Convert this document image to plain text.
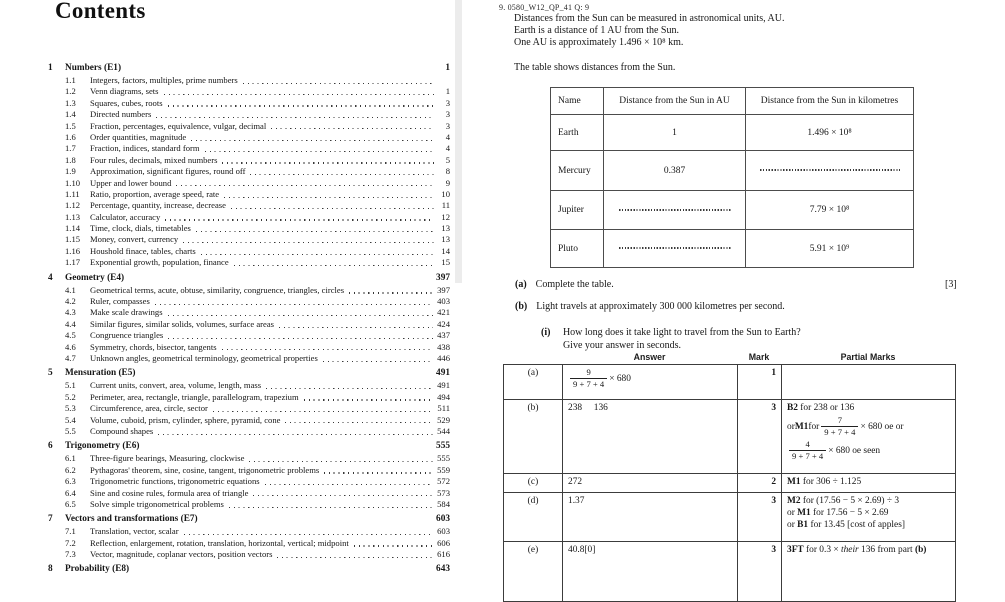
Contents
1	Numbers (E1)	1
1.1	Integers, factors, multiples, prime numbers
1.2	Venn diagrams, sets	1
1.3	Squares, cubes, roots	3
1.4	Directed numbers	3
1.5	Fraction, percentages, equivalence, vulgar, decimal	3
1.6	Order quantities, magnitude	4
1.7	Fraction, indices, standard form	4
1.8	Four rules, decimals, mixed numbers	5
1.9	Approximation, significant figures, round off	8
1.10	Upper and lower bound	9
1.11	Ratio, proportion, average speed, rate	10
1.12	Percentage, quantity, increase, decrease	11
1.13	Calculator, accuracy	12
1.14	Time, clock, dials, timetables	13
1.15	Money, convert, currency	13
1.16	Houshold finace, tables, charts	14
1.17	Exponential growth, population, finance	15
4	Geometry (E4)	397
4.1	Geometrical terms, acute, obtuse, similarity, congruence, triangles, circles	397
4.2	Ruler, compasses	403
4.3	Make scale drawings	421
4.4	Similar figures, similar solids, volumes, surface areas	424
4.5	Congruence triangles	437
4.6	Symmetry, chords, bisector, tangents	438
4.7	Unknown angles, geometrical terminology, geometrical properties	446
5	Mensuration (E5)	491
5.1	Current units, convert, area, volume, length, mass	491
5.2	Perimeter, area, rectangle, triangle, parallelogram, trapezium	494
5.3	Circumference, area, circle, sector	511
5.4	Volume, cuboid, prism, cylinder, sphere, pyramid, cone	529
5.5	Compound shapes	544
6	Trigonometry (E6)	555
6.1	Three-figure bearings, Measuring, clockwise	555
6.2	Pythagoras' theorem, sine, cosine, tangent, trigonometric problems	559
6.3	Trigonometric functions, trigonometric equations	572
6.4	Sine and cosine rules, formula area of triangle	573
6.5	Solve simple trigonometrical problems	584
7	Vectors and transformations (E7)	603
7.1	Translation, vector, scalar	603
7.2	Reflection, enlargement, rotation, translation, horizontal, vertical; midpoint	606
7.3	Vector, magnitude, coplanar vectors, position vectors	616
8	Probability (E8)	643
9. 0580_W12_QP_41 Q: 9
Distances from the Sun can be measured in astronomical units, AU.
Earth is a distance of 1 AU from the Sun.
One AU is approximately 1.496 × 10⁸ km.
The table shows distances from the Sun.
Name	Distance from the Sun in AU	Distance from the Sun in kilometres
Earth	1	1.496 × 10⁸
Mercury	0.387	
Jupiter		7.79 × 10⁸
Pluto		5.91 × 10⁹
(a) Complete the table.	[3]
(b) Light travels at approximately 300 000 kilometres per second.
(i) How long does it take light to travel from the Sun to Earth?
Give your answer in seconds.
Answer	Mark	Partial Marks
(a)	$\frac{9}{9 + 7 + 4} \times 680$	1	
(b)	238     136	3	B2 for 238 or 136
or M1 for $\frac{7}{9 + 7 + 4} \times 680$ oe or
$\frac{4}{9 + 7 + 4} \times 680$ oe seen

(c)	272	2	M1 for 306 ÷ 1.125

(d)	1.37	3	M2 for (17.56 − 5 × 2.69) ÷ 3
or M1 for 17.56 − 5 × 2.69
or B1 for 13.45 [cost of apples]

(e)	40.8[0]	3	3FT for 0.3 × their 136 from part (b)
